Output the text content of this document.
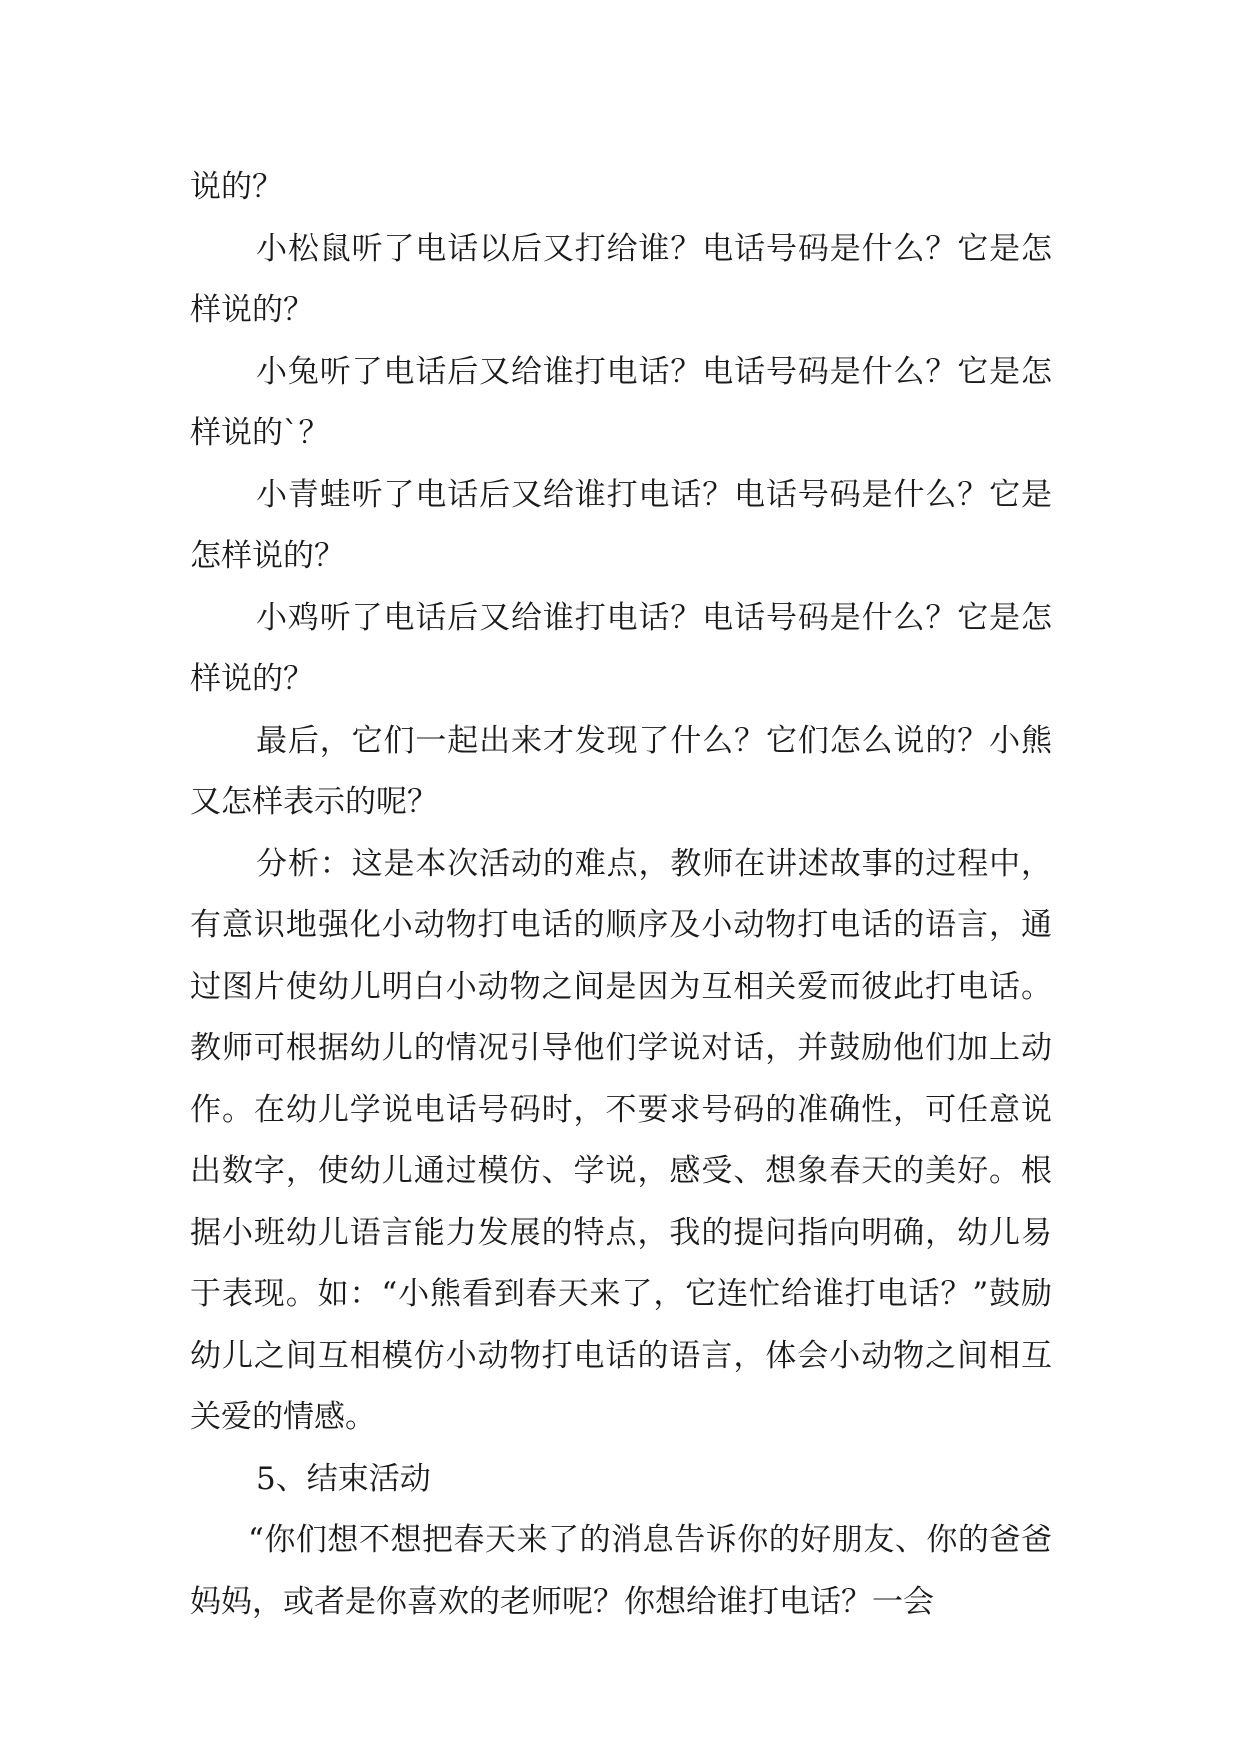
说的？

小松鼠听了电话以后又打给谁？电话号码是什么？它是怎样说的？

小兔听了电话后又给谁打电话？电话号码是什么？它是怎样说的`？

小青蛙听了电话后又给谁打电话？电话号码是什么？它是怎样说的？

小鸡听了电话后又给谁打电话？电话号码是什么？它是怎样说的？

最后，它们一起出来才发现了什么？它们怎么说的？小熊又怎样表示的呢？

分析：这是本次活动的难点，教师在讲述故事的过程中，有意识地强化小动物打电话的顺序及小动物打电话的语言，通过图片使幼儿明白小动物之间是因为互相关爱而彼此打电话。教师可根据幼儿的情况引导他们学说对话，并鼓励他们加上动作。在幼儿学说电话号码时，不要求号码的准确性，可任意说出数字，使幼儿通过模仿、学说，感受、想象春天的美好。根据小班幼儿语言能力发展的特点，我的提问指向明确，幼儿易于表现。如：“小熊看到春天来了，它连忙给谁打电话？”鼓励幼儿之间互相模仿小动物打电话的语言，体会小动物之间相互关爱的情感。

5、结束活动

“你们想不想把春天来了的消息告诉你的好朋友、你的爸爸妈妈，或者是你喜欢的老师呢？你想给谁打电话？一会
